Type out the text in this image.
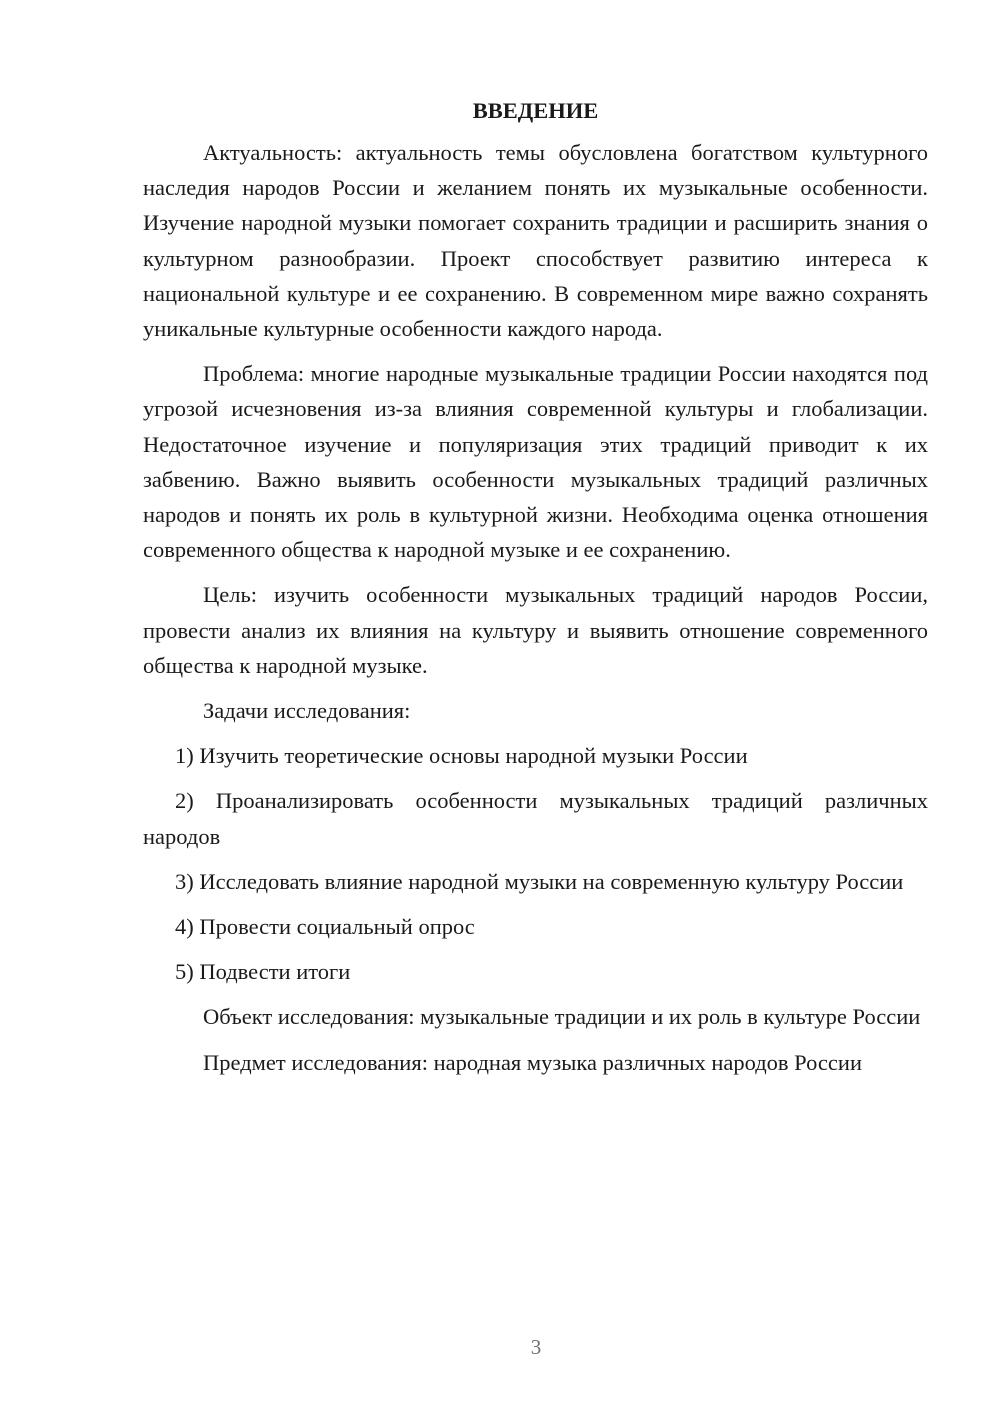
ВВЕДЕНИЕ

Актуальность: актуальность темы обусловлена богатством культурного наследия народов России и желанием понять их музыкальные особенности. Изучение народной музыки помогает сохранить традиции и расширить знания о культурном разнообразии. Проект способствует развитию интереса к национальной культуре и ее сохранению. В современном мире важно сохранять уникальные культурные особенности каждого народа.

Проблема: многие народные музыкальные традиции России находятся под угрозой исчезновения из-за влияния современной культуры и глобализации. Недостаточное изучение и популяризация этих традиций приводит к их забвению. Важно выявить особенности музыкальных традиций различных народов и понять их роль в культурной жизни. Необходима оценка отношения современного общества к народной музыке и ее сохранению.

Цель: изучить особенности музыкальных традиций народов России, провести анализ их влияния на культуру и выявить отношение современного общества к народной музыке.

Задачи исследования:

1) Изучить теоретические основы народной музыки России

2) Проанализировать особенности музыкальных традиций различных народов

3) Исследовать влияние народной музыки на современную культуру России

4) Провести социальный опрос

5) Подвести итоги

Объект исследования: музыкальные традиции и их роль в культуре России

Предмет исследования: народная музыка различных народов России

3
